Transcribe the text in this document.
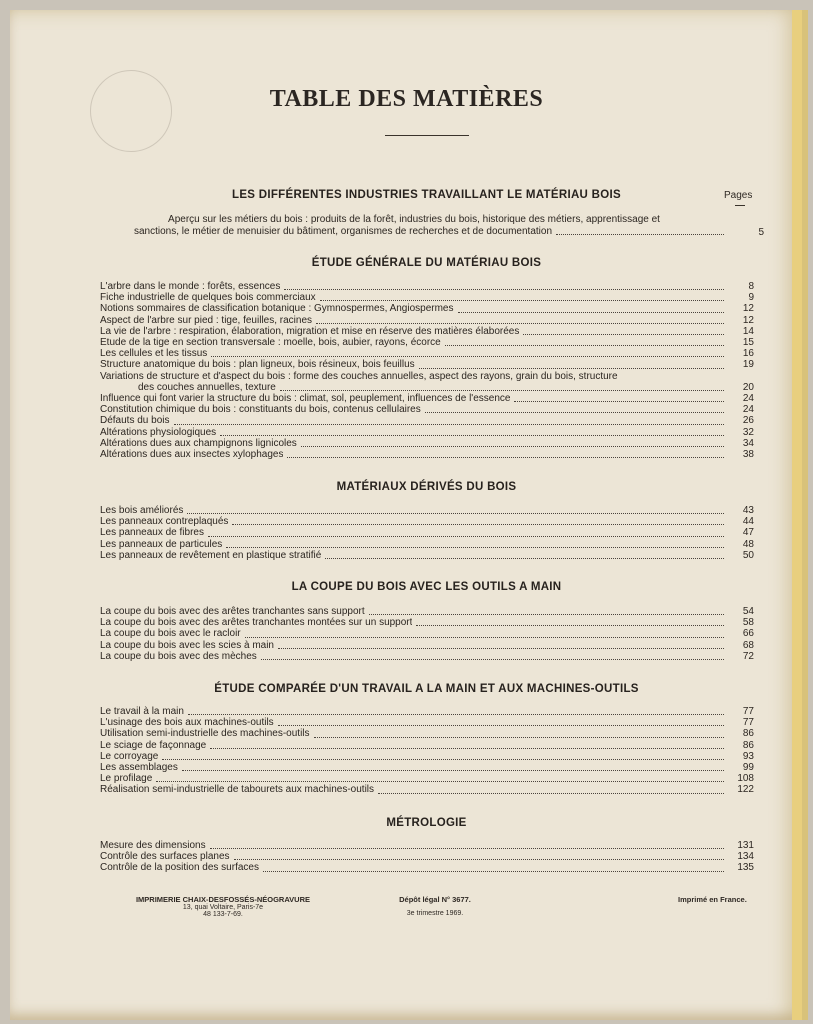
TABLE DES MATIÈRES
Pages
LES DIFFÉRENTES INDUSTRIES TRAVAILLANT LE MATÉRIAU BOIS
Aperçu sur les métiers du bois : produits de la forêt, industries du bois, historique des métiers, apprentissage et
sanctions, le métier de menuisier du bâtiment, organismes de recherches et de documentation	5
ÉTUDE GÉNÉRALE DU MATÉRIAU BOIS
L'arbre dans le monde : forêts, essences	8
Fiche industrielle de quelques bois commerciaux	9
Notions sommaires de classification botanique : Gymnospermes, Angiospermes	12
Aspect de l'arbre sur pied : tige, feuilles, racines	12
La vie de l'arbre : respiration, élaboration, migration et mise en réserve des matières élaborées	14
Etude de la tige en section transversale : moelle, bois, aubier, rayons, écorce	15
Les cellules et les tissus	16
Structure anatomique du bois : plan ligneux, bois résineux, bois feuillus	19
Variations de structure et d'aspect du bois : forme des couches annuelles, aspect des rayons, grain du bois, structure
des couches annuelles, texture	20
Influence qui font varier la structure du bois : climat, sol, peuplement, influences de l'essence	24
Constitution chimique du bois : constituants du bois, contenus cellulaires	24
Défauts du bois	26
Altérations physiologiques	32
Altérations dues aux champignons lignicoles	34
Altérations dues aux insectes xylophages	38
MATÉRIAUX DÉRIVÉS DU BOIS
Les bois améliorés	43
Les panneaux contreplaqués	44
Les panneaux de fibres	47
Les panneaux de particules	48
Les panneaux de revêtement en plastique stratifié	50
LA COUPE DU BOIS AVEC LES OUTILS A MAIN
La coupe du bois avec des arêtes tranchantes sans support	54
La coupe du bois avec des arêtes tranchantes montées sur un support	58
La coupe du bois avec le racloir	66
La coupe du bois avec les scies à main	68
La coupe du bois avec des mèches	72
ÉTUDE COMPARÉE D'UN TRAVAIL A LA MAIN ET AUX MACHINES-OUTILS
Le travail à la main	77
L'usinage des bois aux machines-outils	77
Utilisation semi-industrielle des machines-outils	86
Le sciage de façonnage	86
Le corroyage	93
Les assemblages	99
Le profilage	108
Réalisation semi-industrielle de tabourets aux machines-outils	122
MÉTROLOGIE
Mesure des dimensions	131
Contrôle des surfaces planes	134
Contrôle de la position des surfaces	135
IMPRIMERIE CHAIX-DESFOSSÉS-NÉOGRAVURE
13, quai Voltaire, Paris-7e
48 133-7-69.
Dépôt légal N° 3677.
3e trimestre 1969.
Imprimé en France.
